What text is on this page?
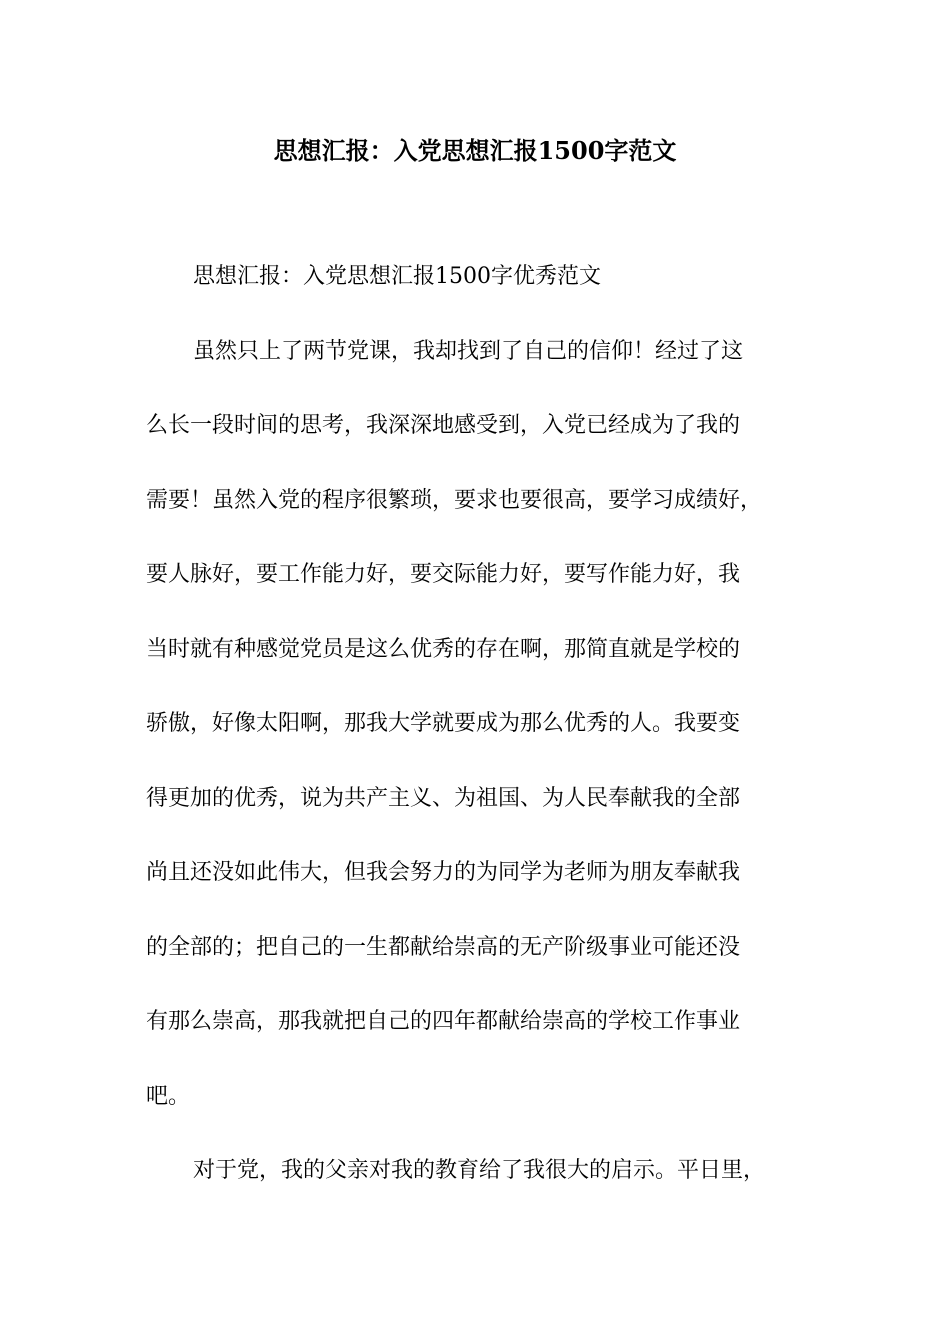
思想汇报：入党思想汇报1500字范文

思想汇报：入党思想汇报1500字优秀范文

虽然只上了两节党课，我却找到了自己的信仰！经过了这

么长一段时间的思考，我深深地感受到，入党已经成为了我的

需要！虽然入党的程序很繁琐，要求也要很高，要学习成绩好，

要人脉好，要工作能力好，要交际能力好，要写作能力好，我

当时就有种感觉党员是这么优秀的存在啊，那简直就是学校的

骄傲，好像太阳啊，那我大学就要成为那么优秀的人。我要变

得更加的优秀，说为共产主义、为祖国、为人民奉献我的全部

尚且还没如此伟大，但我会努力的为同学为老师为朋友奉献我

的全部的；把自己的一生都献给崇高的无产阶级事业可能还没

有那么崇高，那我就把自己的四年都献给崇高的学校工作事业

吧。

对于党，我的父亲对我的教育给了我很大的启示。平日里，
